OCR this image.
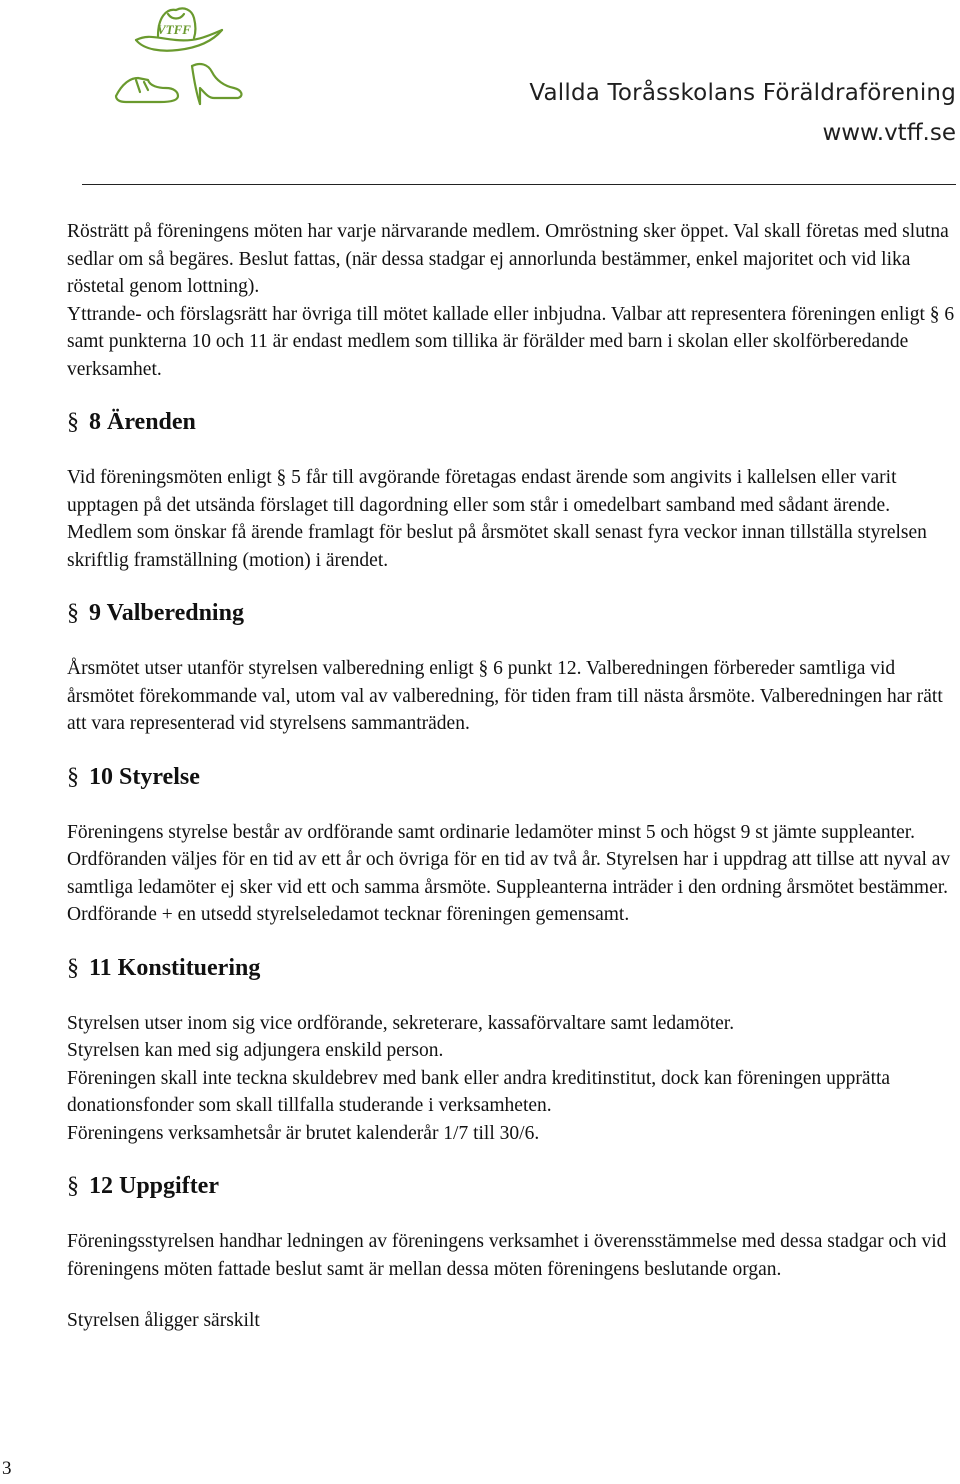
VTFF
Vallda Toråsskolans Föräldraförening
www.vtff.se

Rösträtt på föreningens möten har varje närvarande medlem. Omröstning sker öppet. Val skall företas med slutna sedlar om så begäres. Beslut fattas, (när dessa stadgar ej annorlunda bestämmer, enkel majoritet och vid lika röstetal genom lottning).

Yttrande- och förslagsrätt har övriga till mötet kallade eller inbjudna. Valbar att representera föreningen enligt § 6 samt punkterna 10 och 11 är endast medlem som tillika är förälder med barn i skolan eller skolförberedande verksamhet.

§ 8 Ärenden

Vid föreningsmöten enligt § 5 får till avgörande företagas endast ärende som angivits i kallelsen eller varit upptagen på det utsända förslaget till dagordning eller som står i omedelbart samband med sådant ärende. Medlem som önskar få ärende framlagt för beslut på årsmötet skall senast fyra veckor innan tillställa styrelsen skriftlig framställning (motion) i ärendet.

§ 9 Valberedning

Årsmötet utser utanför styrelsen valberedning enligt § 6 punkt 12. Valberedningen förbereder samtliga vid årsmötet förekommande val, utom val av valberedning, för tiden fram till nästa årsmöte. Valberedningen har rätt att vara representerad vid styrelsens sammanträden.

§ 10 Styrelse

Föreningens styrelse består av ordförande samt ordinarie ledamöter minst 5 och högst 9 st jämte suppleanter. Ordföranden väljes för en tid av ett år och övriga för en tid av två år. Styrelsen har i uppdrag att tillse att nyval av samtliga ledamöter ej sker vid ett och samma årsmöte. Suppleanterna inträder i den ordning årsmötet bestämmer.

Ordförande + en utsedd styrelseledamot tecknar föreningen gemensamt.

§ 11 Konstituering

Styrelsen utser inom sig vice ordförande, sekreterare, kassaförvaltare samt ledamöter.

Styrelsen kan med sig adjungera enskild person.

Föreningen skall inte teckna skuldebrev med bank eller andra kreditinstitut, dock kan föreningen upprätta donationsfonder som skall tillfalla studerande i verksamheten.

Föreningens verksamhetsår är brutet kalenderår 1/7 till 30/6.

§ 12 Uppgifter

Föreningsstyrelsen handhar ledningen av föreningens verksamhet i överensstämmelse med dessa stadgar och vid föreningens möten fattade beslut samt är mellan dessa möten föreningens beslutande organ.

Styrelsen åligger särskilt

3
